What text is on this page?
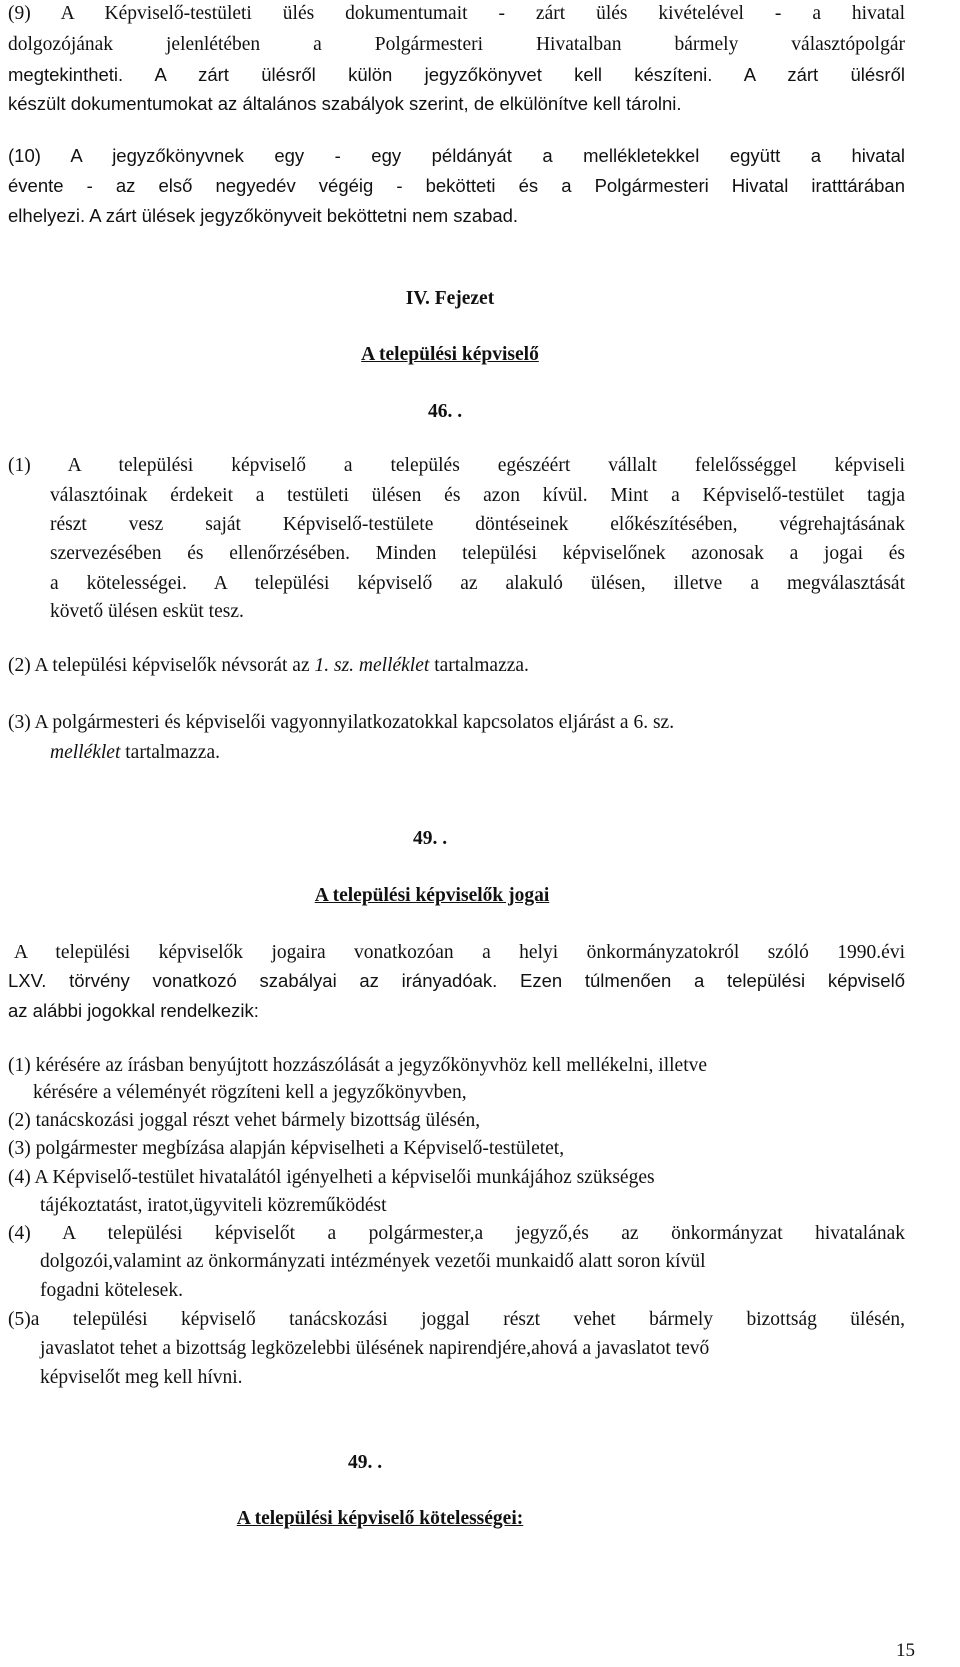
(9) A Képviselő-testületi ülés dokumentumait - zárt ülés kivételével - a hivatal
dolgozójának jelenlétében a Polgármesteri Hivatalban bármely választópolgár
megtekintheti. A zárt ülésről külön jegyzőkönyvet kell készíteni. A zárt ülésről
készült dokumentumokat az általános szabályok szerint, de elkülönítve kell tárolni.
(10) A jegyzőkönyvnek egy - egy példányát a mellékletekkel együtt a hivatal
évente - az első negyedév végéig - bekötteti és a Polgármesteri Hivatal iratttárában
elhelyezi. A zárt ülések jegyzőkönyveit beköttetni nem szabad.
IV. Fejezet
A települési képviselő
46. .
(1) A települési képviselő a település egészéért vállalt felelősséggel képviseli
választóinak érdekeit a testületi ülésen és azon kívül. Mint a Képviselő-testület tagja
részt vesz saját Képviselő-testülete döntéseinek előkészítésében, végrehajtásának
szervezésében és ellenőrzésében. Minden települési képviselőnek azonosak a jogai és
a kötelességei. A települési képviselő az alakuló ülésen, illetve a megválasztását
követő ülésen esküt tesz.
(2) A települési képviselők névsorát az 1. sz. melléklet tartalmazza.
(3) A polgármesteri és képviselői vagyonnyilatkozatokkal kapcsolatos eljárást a 6. sz.
melléklet tartalmazza.
49. .
A települési képviselők jogai
A települési képviselők jogaira vonatkozóan a helyi önkormányzatokról szóló 1990.évi
LXV. törvény vonatkozó szabályai az irányadóak. Ezen túlmenően a települési képviselő
az alábbi jogokkal rendelkezik:
(1) kérésére az írásban benyújtott hozzászólását a jegyzőkönyvhöz kell mellékelni, illetve
kérésére a véleményét rögzíteni kell a jegyzőkönyvben,
(2) tanácskozási joggal részt vehet bármely bizottság ülésén,
(3) polgármester megbízása alapján képviselheti a Képviselő-testületet,
(4) A Képviselő-testület hivatalától igényelheti a képviselői munkájához szükséges
tájékoztatást, iratot,ügyviteli közreműködést
(4) A települési képviselőt a polgármester,a jegyző,és az önkormányzat hivatalának
dolgozói,valamint az önkormányzati intézmények vezetői munkaidő alatt soron kívül
fogadni kötelesek.
(5)a települési képviselő tanácskozási joggal részt vehet bármely bizottság ülésén,
javaslatot tehet a bizottság legközelebbi ülésének napirendjére,ahová a javaslatot tevő
képviselőt meg kell hívni.
49. .
A települési képviselő kötelességei:
15
